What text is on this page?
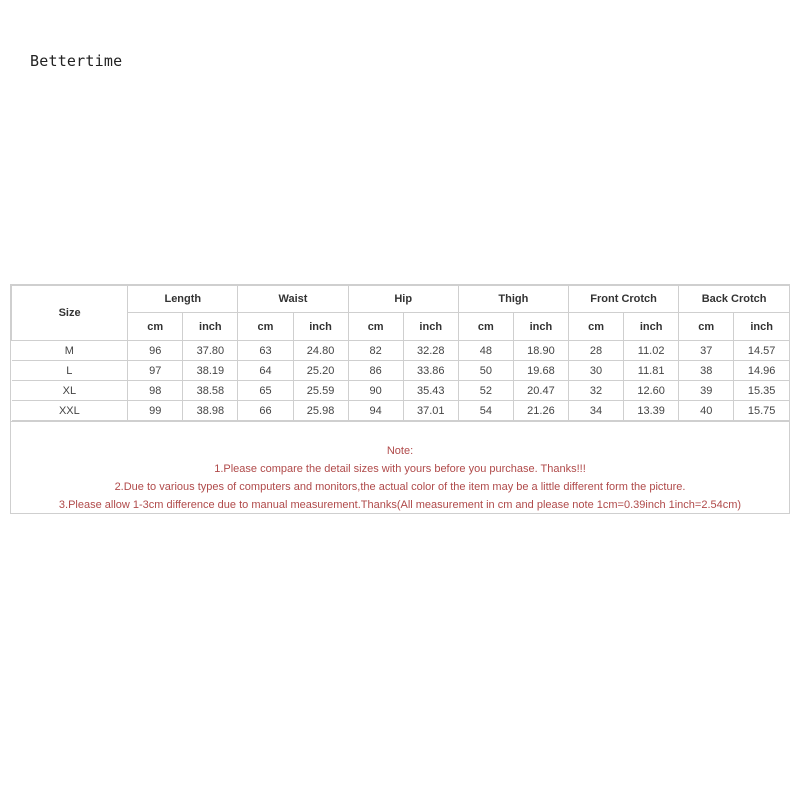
Bettertime
Size	Length		Waist		Hip		Thigh		Front Crotch		Back Crotch	
	cm	inch	cm	inch	cm	inch	cm	inch	cm	inch	cm	inch
M	96	37.80	63	24.80	82	32.28	48	18.90	28	11.02	37	14.57
L	97	38.19	64	25.20	86	33.86	50	19.68	30	11.81	38	14.96
XL	98	38.58	65	25.59	90	35.43	52	20.47	32	12.60	39	15.35
XXL	99	38.98	66	25.98	94	37.01	54	21.26	34	13.39	40	15.75
Note:
1.Please compare the detail sizes with yours before you purchase. Thanks!!!
2.Due to various types of computers and monitors,the actual color of the item may be a little different form the picture.
3.Please allow 1-3cm difference due to manual measurement.Thanks(All measurement in cm and please note 1cm=0.39inch 1inch=2.54cm)
